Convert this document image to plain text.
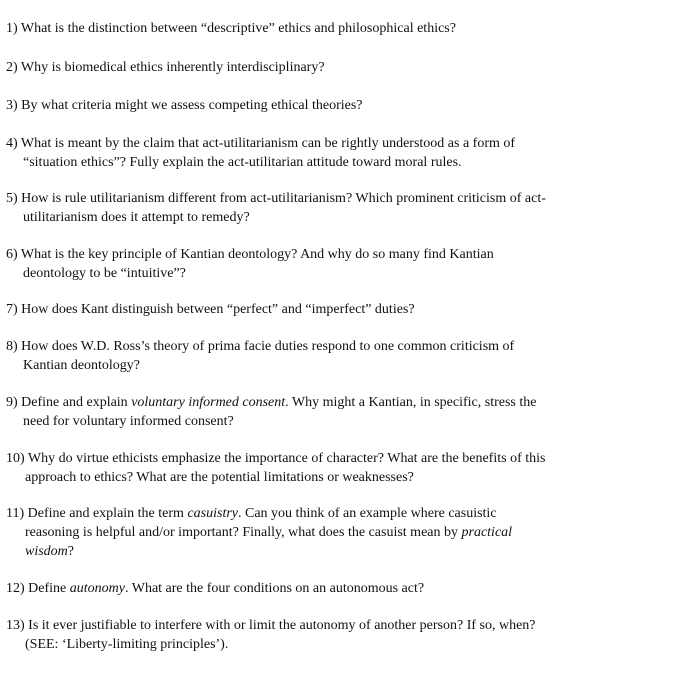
1) What is the distinction between “descriptive” ethics and philosophical ethics?

2) Why is biomedical ethics inherently interdisciplinary?

3) By what criteria might we assess competing ethical theories?

4) What is meant by the claim that act-utilitarianism can be rightly understood as a form of
“situation ethics”? Fully explain the act-utilitarian attitude toward moral rules.

5) How is rule utilitarianism different from act-utilitarianism? Which prominent criticism of act-
utilitarianism does it attempt to remedy?

6) What is the key principle of Kantian deontology? And why do so many find Kantian
deontology to be “intuitive”?

7) How does Kant distinguish between “perfect” and “imperfect” duties?

8) How does W.D. Ross’s theory of prima facie duties respond to one common criticism of
Kantian deontology?

9) Define and explain voluntary informed consent. Why might a Kantian, in specific, stress the
need for voluntary informed consent?

10) Why do virtue ethicists emphasize the importance of character? What are the benefits of this
approach to ethics? What are the potential limitations or weaknesses?

11) Define and explain the term casuistry. Can you think of an example where casuistic
reasoning is helpful and/or important? Finally, what does the casuist mean by practical
wisdom?

12) Define autonomy. What are the four conditions on an autonomous act?

13) Is it ever justifiable to interfere with or limit the autonomy of another person? If so, when?
(SEE: ‘Liberty-limiting principles’).
